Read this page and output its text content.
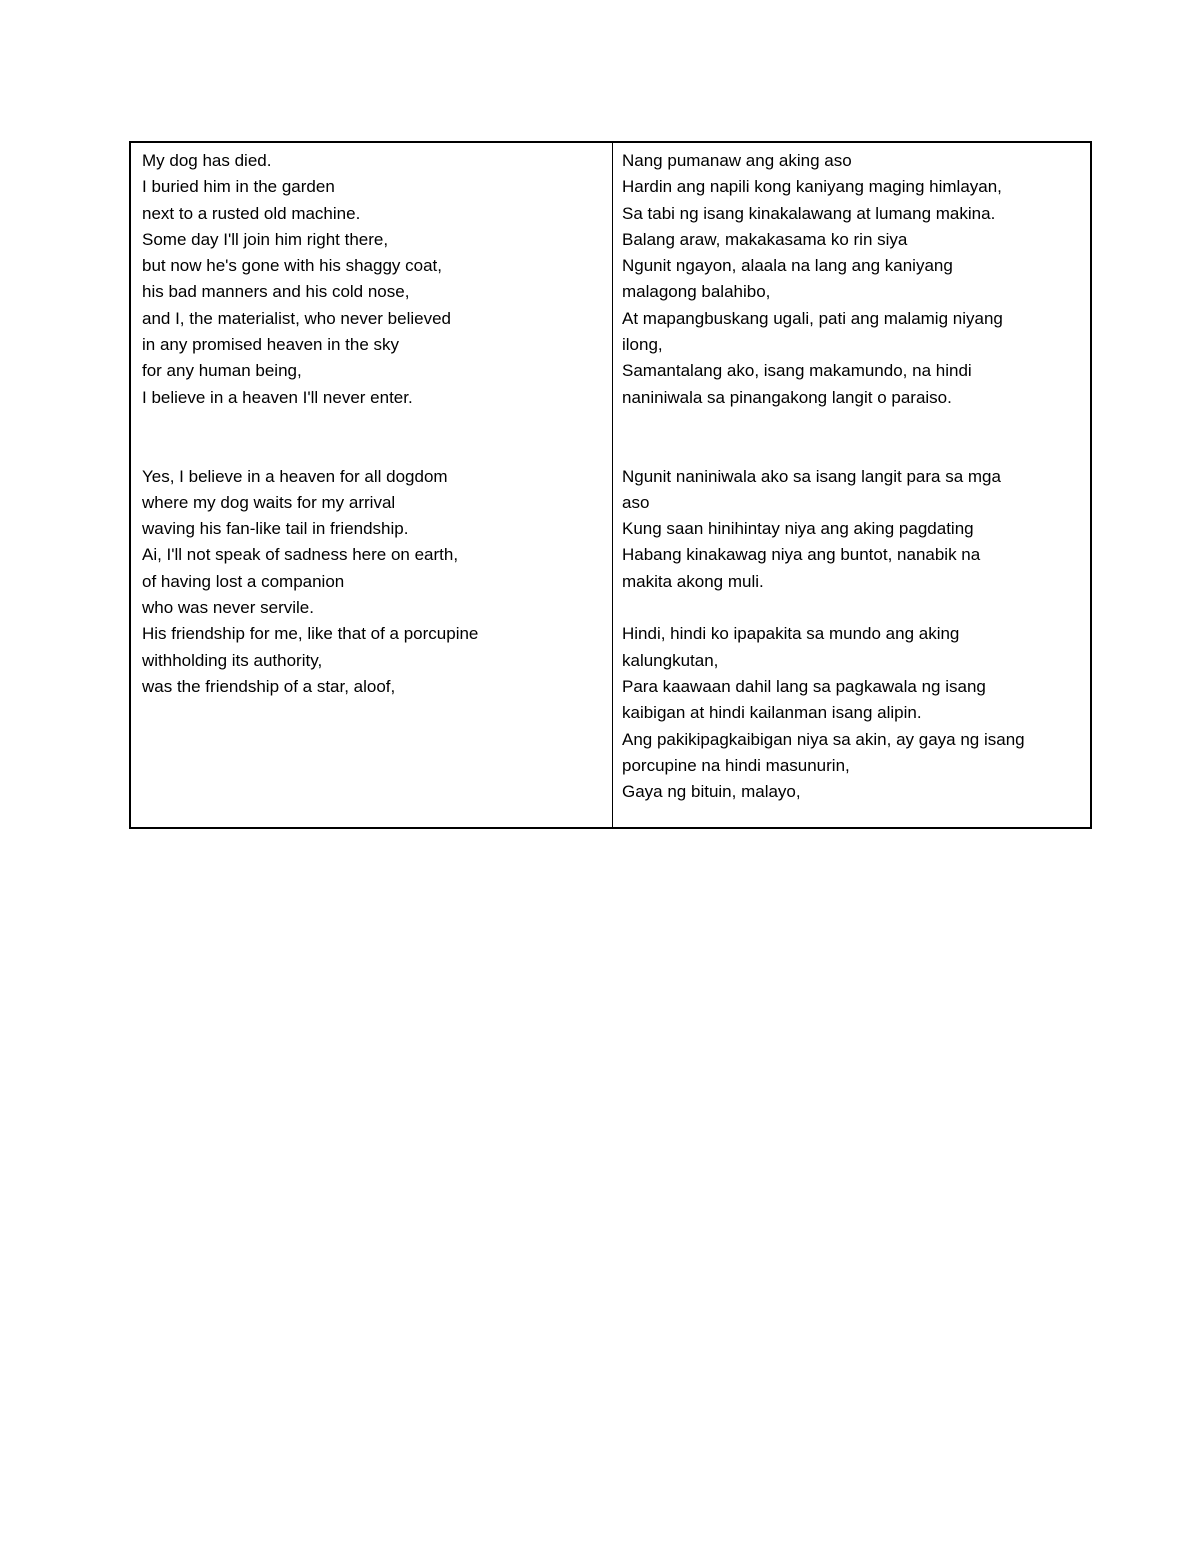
My dog has died.
I buried him in the garden
next to a rusted old machine.
Some day I'll join him right there,
but now he's gone with his shaggy coat,
his bad manners and his cold nose,
and I, the materialist, who never believed
in any promised heaven in the sky
for any human being,
I believe in a heaven I'll never enter.
Yes, I believe in a heaven for all dogdom
where my dog waits for my arrival
waving his fan-like tail in friendship.
Ai, I'll not speak of sadness here on earth,
of having lost a companion
who was never servile.
His friendship for me, like that of a porcupine
withholding its authority,
was the friendship of a star, aloof,
Nang pumanaw ang aking aso
Hardin ang napili kong kaniyang maging himlayan,
Sa tabi ng isang kinakalawang at lumang makina.
Balang araw, makakasama ko rin siya
Ngunit ngayon, alaala na lang ang kaniyang
malagong balahibo,
At mapangbuskang ugali, pati ang malamig niyang
ilong,
Samantalang ako, isang makamundo, na hindi
naniniwala sa pinangakong langit o paraiso.
Ngunit naniniwala ako sa isang langit para sa mga
aso
Kung saan hinihintay niya ang aking pagdating
Habang kinakawag niya ang buntot, nanabik na
makita akong muli.
Hindi, hindi ko ipapakita sa mundo ang aking
kalungkutan,
Para kaawaan dahil lang sa pagkawala ng isang
kaibigan at hindi kailanman isang alipin.
Ang pakikipagkaibigan niya sa akin, ay gaya ng isang
porcupine na hindi masunurin,
Gaya ng bituin, malayo,
